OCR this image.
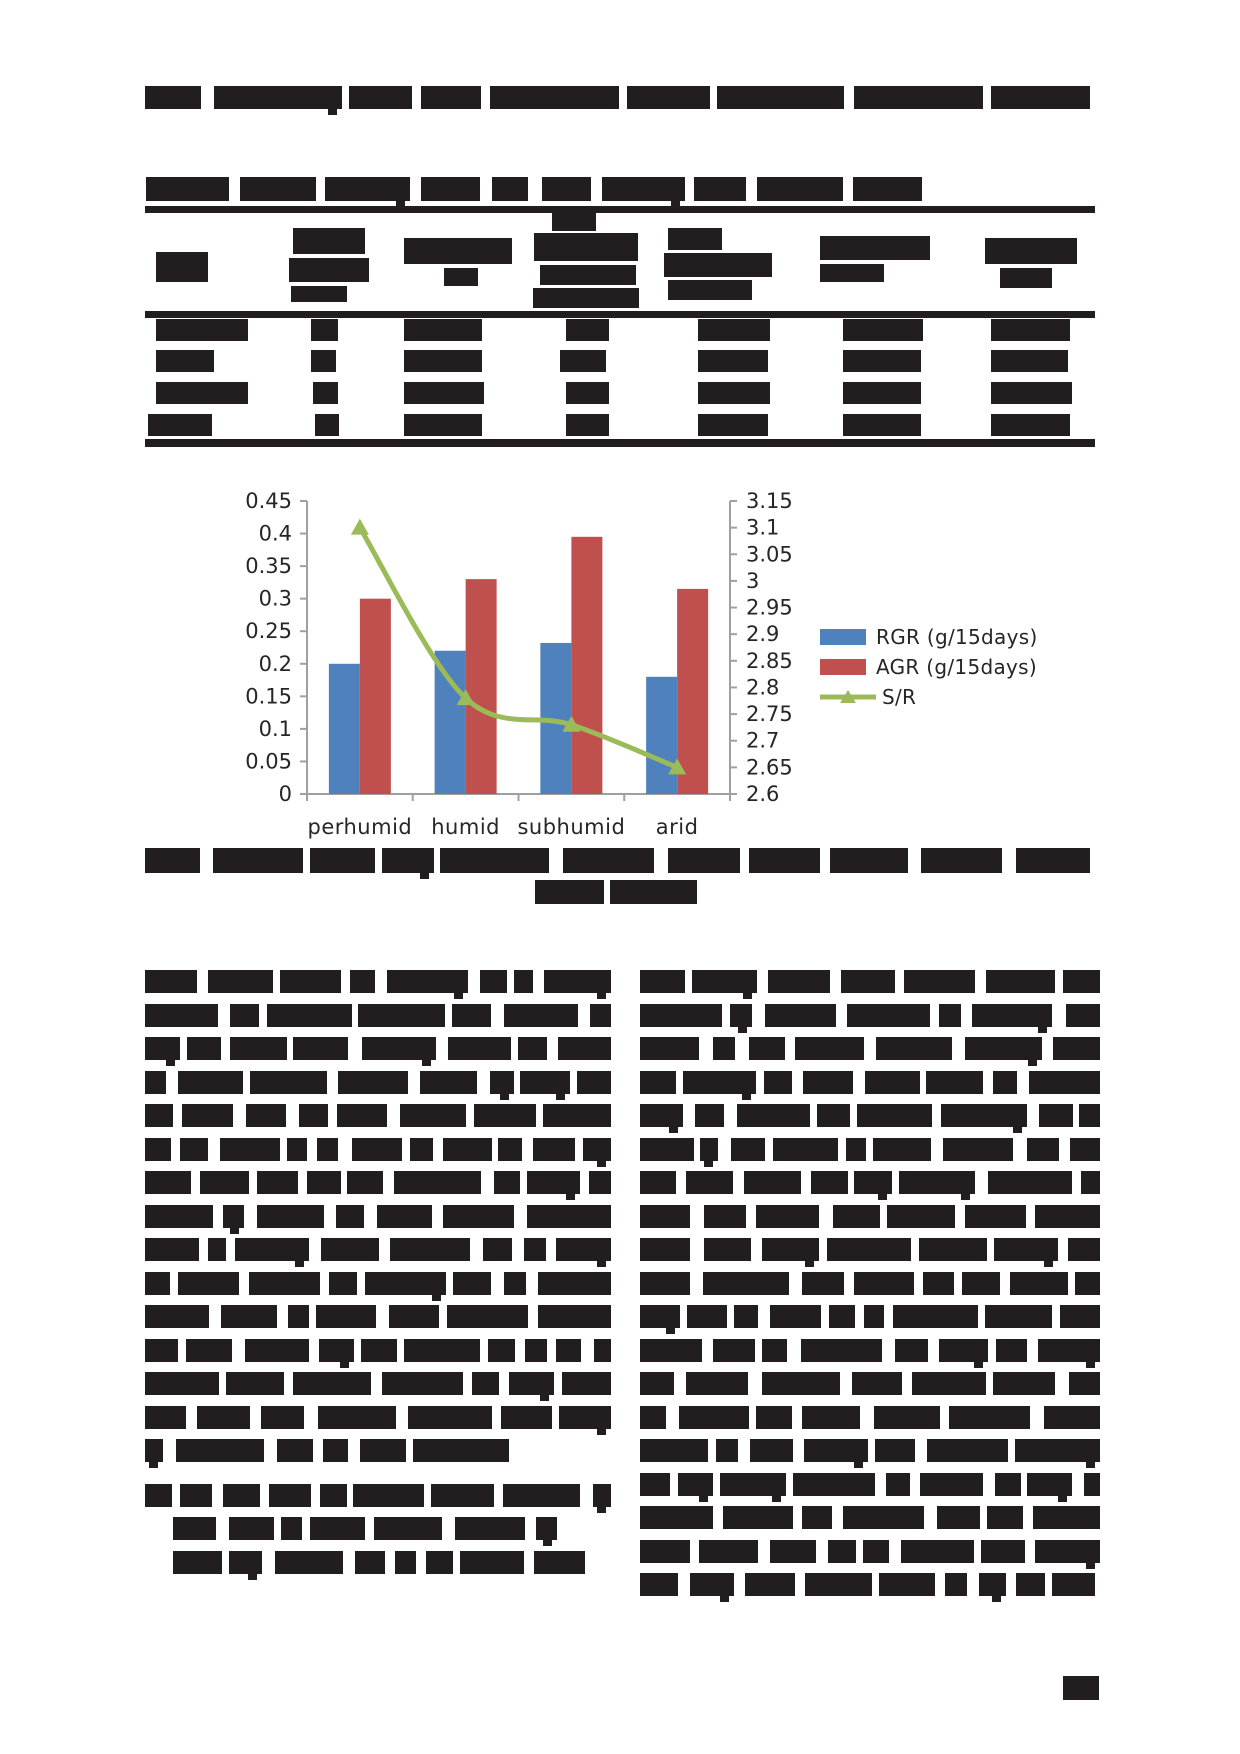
0.45
0.4
0.35
0.3
0.25
0.2
0.15
0.1
0.05
0
3.15
3.1
3.05
3
2.95
2.9
2.85
2.8
2.75
2.7
2.65
2.6
perhumid humid subhumid arid
RGR (g/15days)
AGR (g/15days)
S/R
